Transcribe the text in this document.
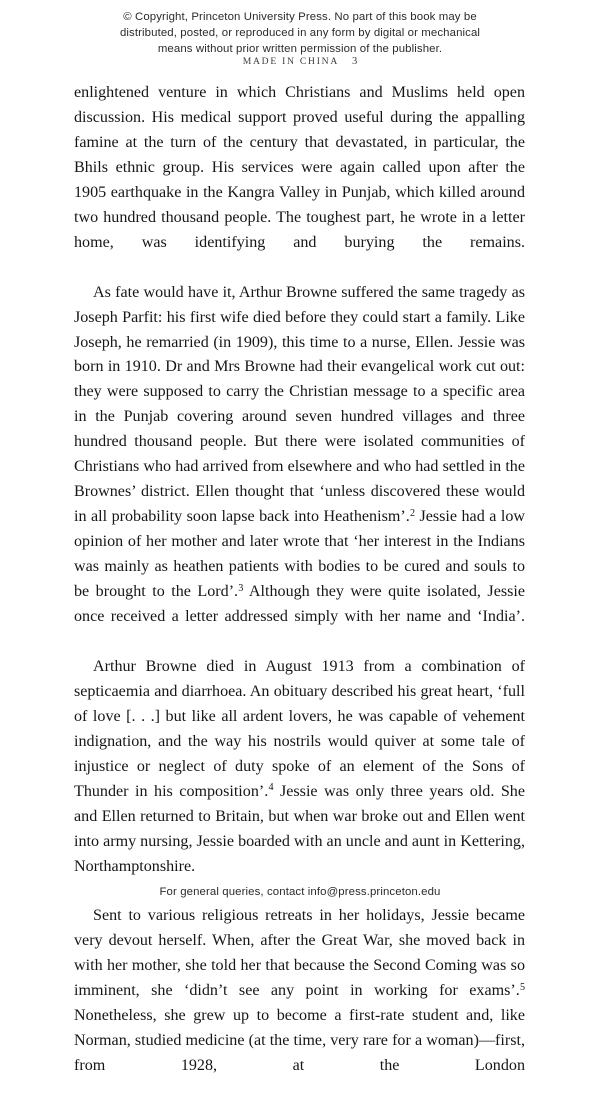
© Copyright, Princeton University Press. No part of this book may be
distributed, posted, or reproduced in any form by digital or mechanical
means without prior written permission of the publisher.
MADE IN CHINA 3

enlightened venture in which Christians and Muslims held open discussion. His medical support proved useful during the appalling famine at the turn of the century that devastated, in particular, the Bhils ethnic group. His services were again called upon after the 1905 earthquake in the Kangra Valley in Punjab, which killed around two hundred thousand people. The toughest part, he wrote in a letter home, was identifying and burying the remains.

As fate would have it, Arthur Browne suffered the same tragedy as Joseph Parfit: his first wife died before they could start a family. Like Joseph, he remarried (in 1909), this time to a nurse, Ellen. Jessie was born in 1910. Dr and Mrs Browne had their evangelical work cut out: they were supposed to carry the Christian message to a specific area in the Punjab covering around seven hundred villages and three hundred thousand people. But there were isolated communities of Christians who had arrived from elsewhere and who had settled in the Brownes’ district. Ellen thought that ‘unless discovered these would in all probability soon lapse back into Heathenism’.$^2$ Jessie had a low opinion of her mother and later wrote that ‘her interest in the Indians was mainly as heathen patients with bodies to be cured and souls to be brought to the Lord’.$^3$ Although they were quite isolated, Jessie once received a letter addressed simply with her name and ‘India’.

Arthur Browne died in August 1913 from a combination of septicaemia and diarrhoea. An obituary described his great heart, ‘full of love [. . .] but like all ardent lovers, he was capable of vehement indignation, and the way his nostrils would quiver at some tale of injustice or neglect of duty spoke of an element of the Sons of Thunder in his composition’.$^4$ Jessie was only three years old. She and Ellen returned to Britain, but when war broke out and Ellen went into army nursing, Jessie boarded with an uncle and aunt in Kettering, Northamptonshire.

Sent to various religious retreats in her holidays, Jessie became very devout herself. When, after the Great War, she moved back in with her mother, she told her that because the Second Coming was so imminent, she ‘didn’t see any point in working for exams’.$^5$ Nonetheless, she grew up to become a first-rate student and, like Norman, studied medicine (at the time, very rare for a woman)—first, from 1928, at the London

For general queries, contact info@press.princeton.edu
